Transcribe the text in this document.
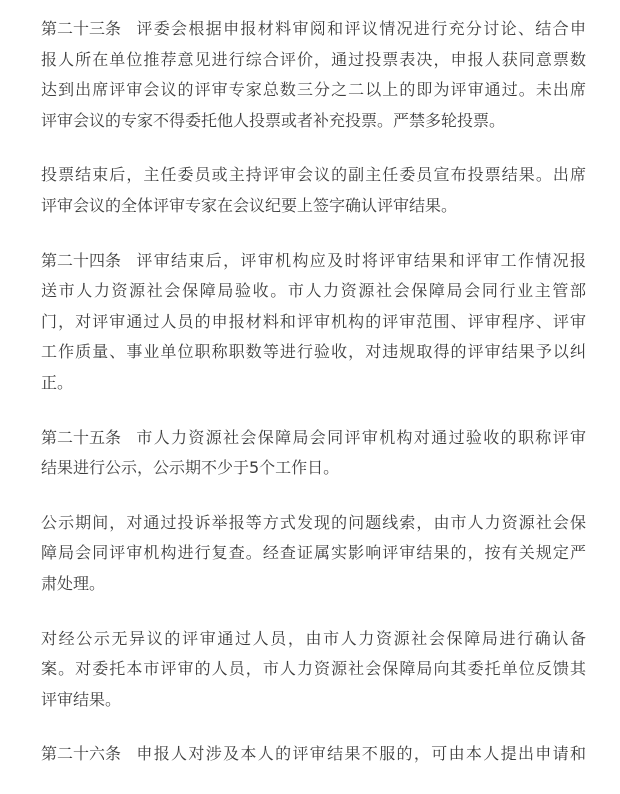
第二十三条 评委会根据申报材料审阅和评议情况进行充分讨论、结合申
报人所在单位推荐意见进行综合评价，通过投票表决，申报人获同意票数
达到出席评审会议的评审专家总数三分之二以上的即为评审通过。未出席
评审会议的专家不得委托他人投票或者补充投票。严禁多轮投票。
投票结束后，主任委员或主持评审会议的副主任委员宣布投票结果。出席
评审会议的全体评审专家在会议纪要上签字确认评审结果。
第二十四条 评审结束后，评审机构应及时将评审结果和评审工作情况报
送市人力资源社会保障局验收。市人力资源社会保障局会同行业主管部
门，对评审通过人员的申报材料和评审机构的评审范围、评审程序、评审
工作质量、事业单位职称职数等进行验收，对违规取得的评审结果予以纠
正。
第二十五条 市人力资源社会保障局会同评审机构对通过验收的职称评审
结果进行公示，公示期不少于5个工作日。
公示期间，对通过投诉举报等方式发现的问题线索，由市人力资源社会保
障局会同评审机构进行复查。经查证属实影响评审结果的，按有关规定严
肃处理。
对经公示无异议的评审通过人员，由市人力资源社会保障局进行确认备
案。对委托本市评审的人员，市人力资源社会保障局向其委托单位反馈其
评审结果。
第二十六条 申报人对涉及本人的评审结果不服的，可由本人提出申请和
